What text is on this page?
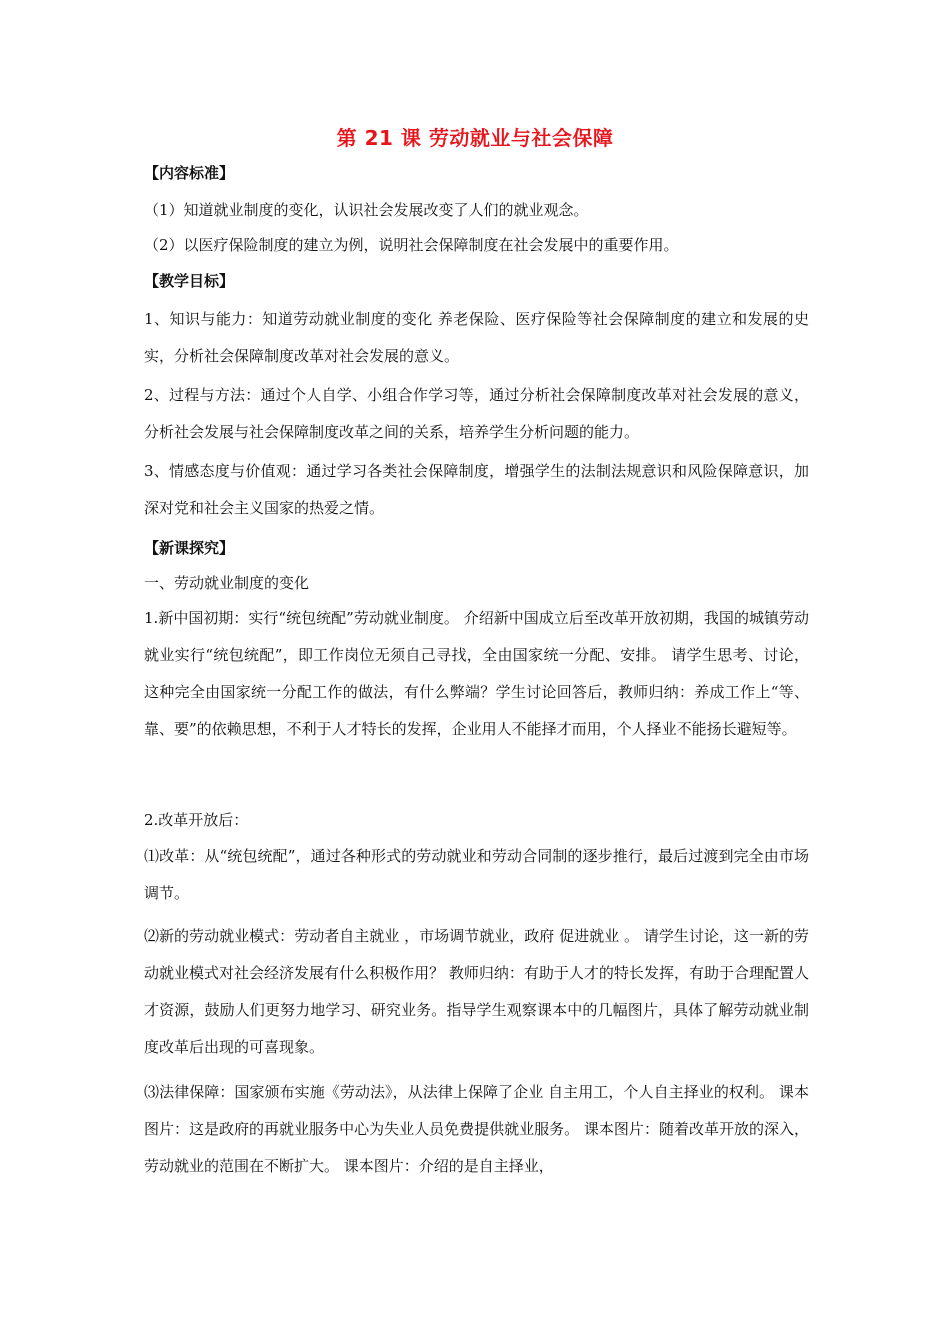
第 21 课 劳动就业与社会保障
【内容标准】
（1）知道就业制度的变化，认识社会发展改变了人们的就业观念。
（2）以医疗保险制度的建立为例，说明社会保障制度在社会发展中的重要作用。
【教学目标】
1、知识与能力：知道劳动就业制度的变化 养老保险、医疗保险等社会保障制度的建立和发展的史实，分析社会保障制度改革对社会发展的意义。
2、过程与方法：通过个人自学、小组合作学习等，通过分析社会保障制度改革对社会发展的意义，分析社会发展与社会保障制度改革之间的关系，培养学生分析问题的能力。
3、情感态度与价值观：通过学习各类社会保障制度，增强学生的法制法规意识和风险保障意识，加深对党和社会主义国家的热爱之情。
【新课探究】
一、劳动就业制度的变化
1.新中国初期：实行“统包统配”劳动就业制度。 介绍新中国成立后至改革开放初期，我国的城镇劳动就业实行“统包统配”，即工作岗位无须自己寻找，全由国家统一分配、安排。 请学生思考、讨论，这种完全由国家统一分配工作的做法，有什么弊端？学生讨论回答后，教师归纳：养成工作上“等、靠、要”的依赖思想，不利于人才特长的发挥，企业用人不能择才而用，个人择业不能扬长避短等。
2.改革开放后：
⑴改革：从“统包统配”，通过各种形式的劳动就业和劳动合同制的逐步推行，最后过渡到完全由市场调节。
⑵新的劳动就业模式：劳动者自主就业 ，市场调节就业，政府 促进就业 。 请学生讨论，这一新的劳动就业模式对社会经济发展有什么积极作用？ 教师归纳：有助于人才的特长发挥，有助于合理配置人才资源，鼓励人们更努力地学习、研究业务。指导学生观察课本中的几幅图片，具体了解劳动就业制度改革后出现的可喜现象。
⑶法律保障：国家颁布实施《劳动法》，从法律上保障了企业 自主用工，个人自主择业的权利。 课本图片：这是政府的再就业服务中心为失业人员免费提供就业服务。 课本图片：随着改革开放的深入，劳动就业的范围在不断扩大。 课本图片：介绍的是自主择业，
